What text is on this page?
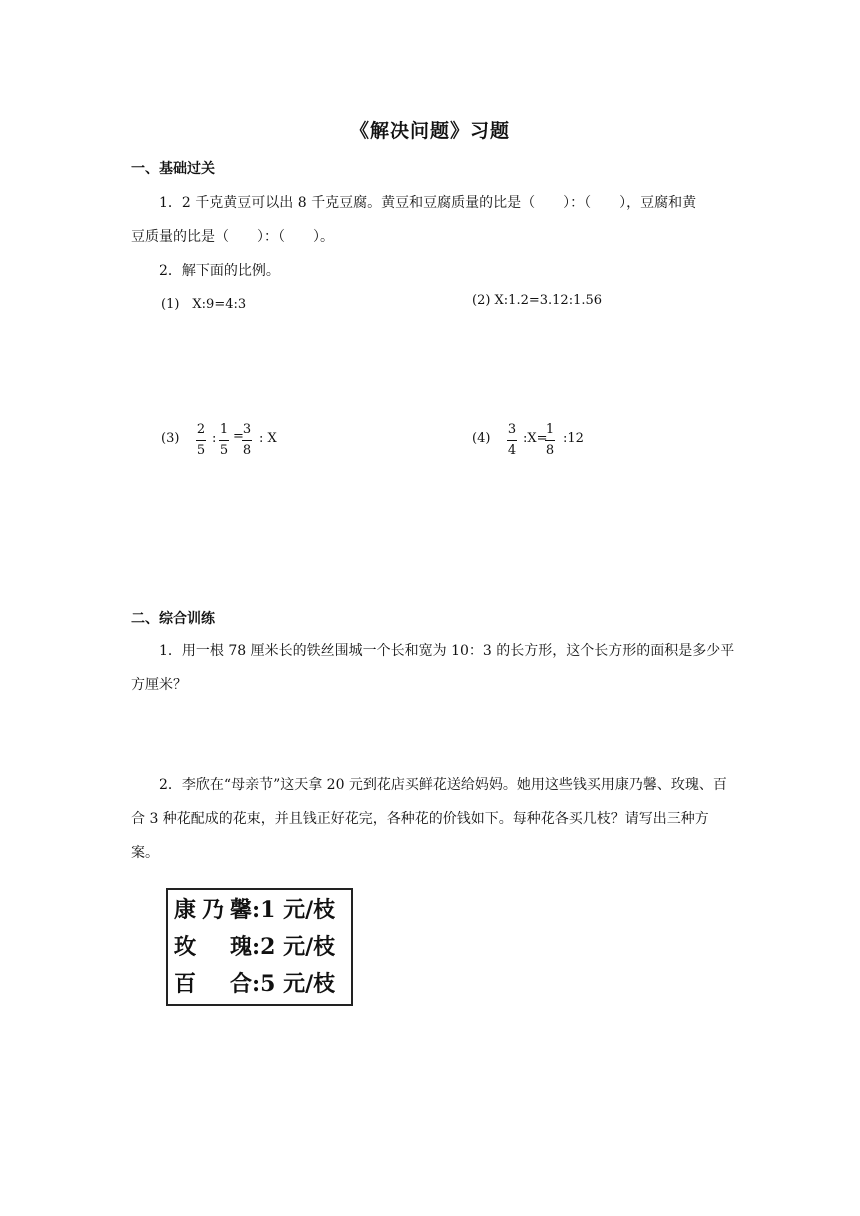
《解决问题》习题
一、基础过关
1．2 千克黄豆可以出 8 千克豆腐。黄豆和豆腐质量的比是（　　）：（　　），豆腐和黄
豆质量的比是（　　）：（　　）。
2．解下面的比例。
(1)　X:9=4:3	(2) X:1.2=3.12:1.56
(3)
2
5
:
1
5
=
3
8
: X	(4)
3
4
:X=
1
8
:12
二、综合训练
1．用一根 78 厘米长的铁丝围城一个长和宽为 10：3 的长方形，这个长方形的面积是多少平方厘米？
2．李欣在“母亲节”这天拿 20 元到花店买鲜花送给妈妈。她用这些钱买用康乃馨、玫瑰、百合 3 种花配成的花束，并且钱正好花完，各种花的价钱如下。每种花各买几枝？请写出三种方案。
康乃馨:1 元/枝
玫　瑰:2 元/枝
百　合:5 元/枝
